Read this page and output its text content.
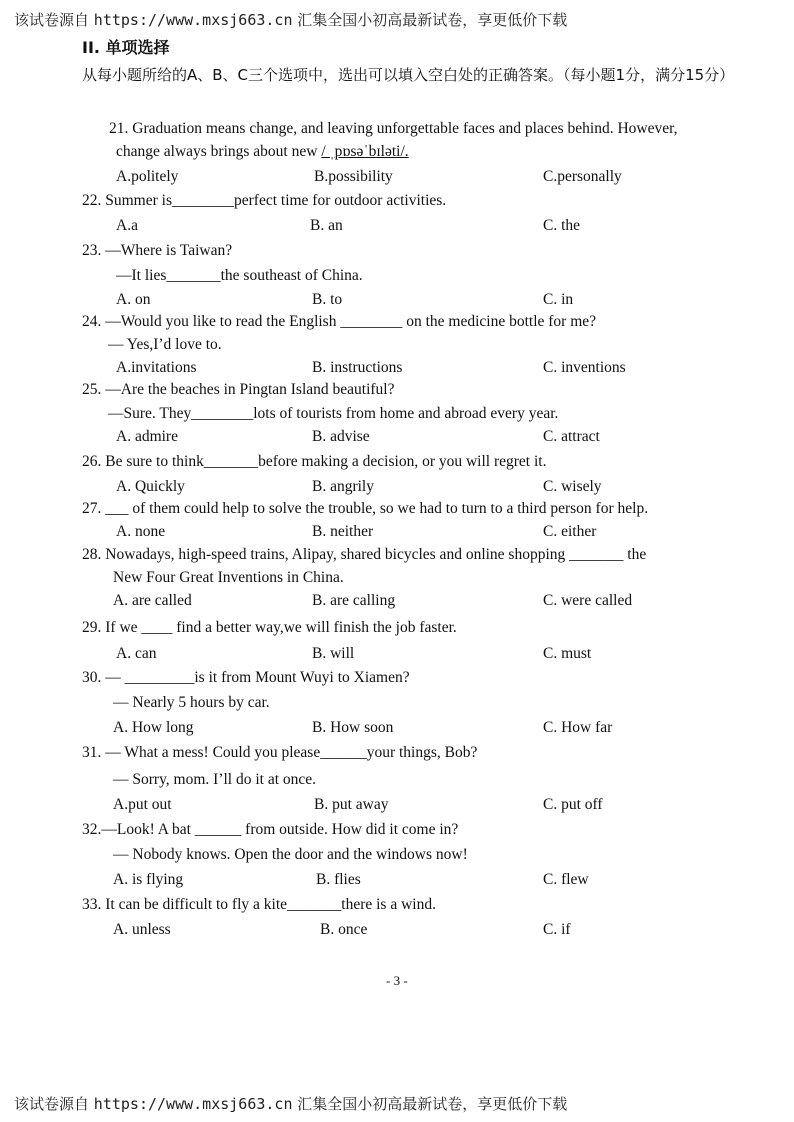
该试卷源自 https://www.mxsj663.cn 汇集全国小初高最新试卷，享更低价下载
II. 单项选择
从每小题所给的A、B、C三个选项中，选出可以填入空白处的正确答案。（每小题1分，满分15分）
21. Graduation means change, and leaving unforgettable faces and places behind. However,
change always brings about new / ˌpɒsəˈbɪləti/.
A.politely	B.possibility	C.personally
22. Summer is________perfect time for outdoor activities.
A.a	B. an	C. the
23. —Where is Taiwan?
—It lies_______the southeast of China.
A. on	B. to	C. in
24. —Would you like to read the English ________ on the medicine bottle for me?
— Yes,I’d love to.
A.invitations	B. instructions	C. inventions
25. —Are the beaches in Pingtan Island beautiful?
—Sure. They________lots of tourists from home and abroad every year.
A. admire	B. advise	C. attract
26. Be sure to think_______before making a decision, or you will regret it.
A. Quickly	B. angrily	C. wisely
27. ___ of them could help to solve the trouble, so we had to turn to a third person for help.
A. none	B. neither	C. either
28. Nowadays, high-speed trains, Alipay, shared bicycles and online shopping _______ the
New Four Great Inventions in China.
A. are called	B. are calling	C. were called
29. If we ____ find a better way,we will finish the job faster.
A. can	B. will	C. must
30. — _________is it from Mount Wuyi to Xiamen?
— Nearly 5 hours by car.
A. How long	B. How soon	C. How far
31. — What a mess! Could you please______your things, Bob?
— Sorry, mom. I’ll do it at once.
A.put out	B. put away	C. put off
32.—Look! A bat ______ from outside. How did it come in?
— Nobody knows. Open the door and the windows now!
A. is flying	B. flies	C. flew
33. It can be difficult to fly a kite_______there is a wind.
A. unless	B. once	C. if
- 3 -
该试卷源自 https://www.mxsj663.cn 汇集全国小初高最新试卷，享更低价下载
